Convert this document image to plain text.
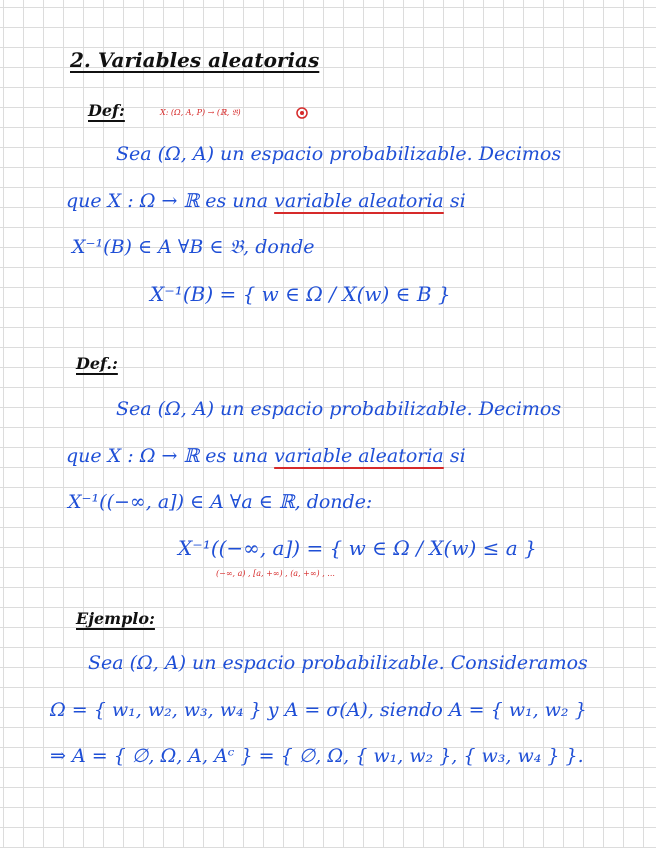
2. Variables aleatorias
Def:	X: (Ω, A, P) → (ℝ, 𝔅)
Sea (Ω, A) un espacio probabilizable. Decimos
que X : Ω → ℝ es una variable aleatoria si
X⁻¹(B) ∈ A ∀B ∈ 𝔅, donde
X⁻¹(B) = { w ∈ Ω / X(w) ∈ B }
Def.:
Sea (Ω, A) un espacio probabilizable. Decimos
que X : Ω → ℝ es una variable aleatoria si
X⁻¹((−∞, a]) ∈ A ∀a ∈ ℝ, donde:
X⁻¹((−∞, a]) = { w ∈ Ω / X(w) ≤ a }
(−∞, a) , [a, +∞) , (a, +∞) , ...
Ejemplo:
Sea (Ω, A) un espacio probabilizable. Consideramos
Ω = { w₁, w₂, w₃, w₄ } y A = σ(A), siendo A = { w₁, w₂ }
⇒ A = { ∅, Ω, A, Aᶜ } = { ∅, Ω, { w₁, w₂ }, { w₃, w₄ } }.
